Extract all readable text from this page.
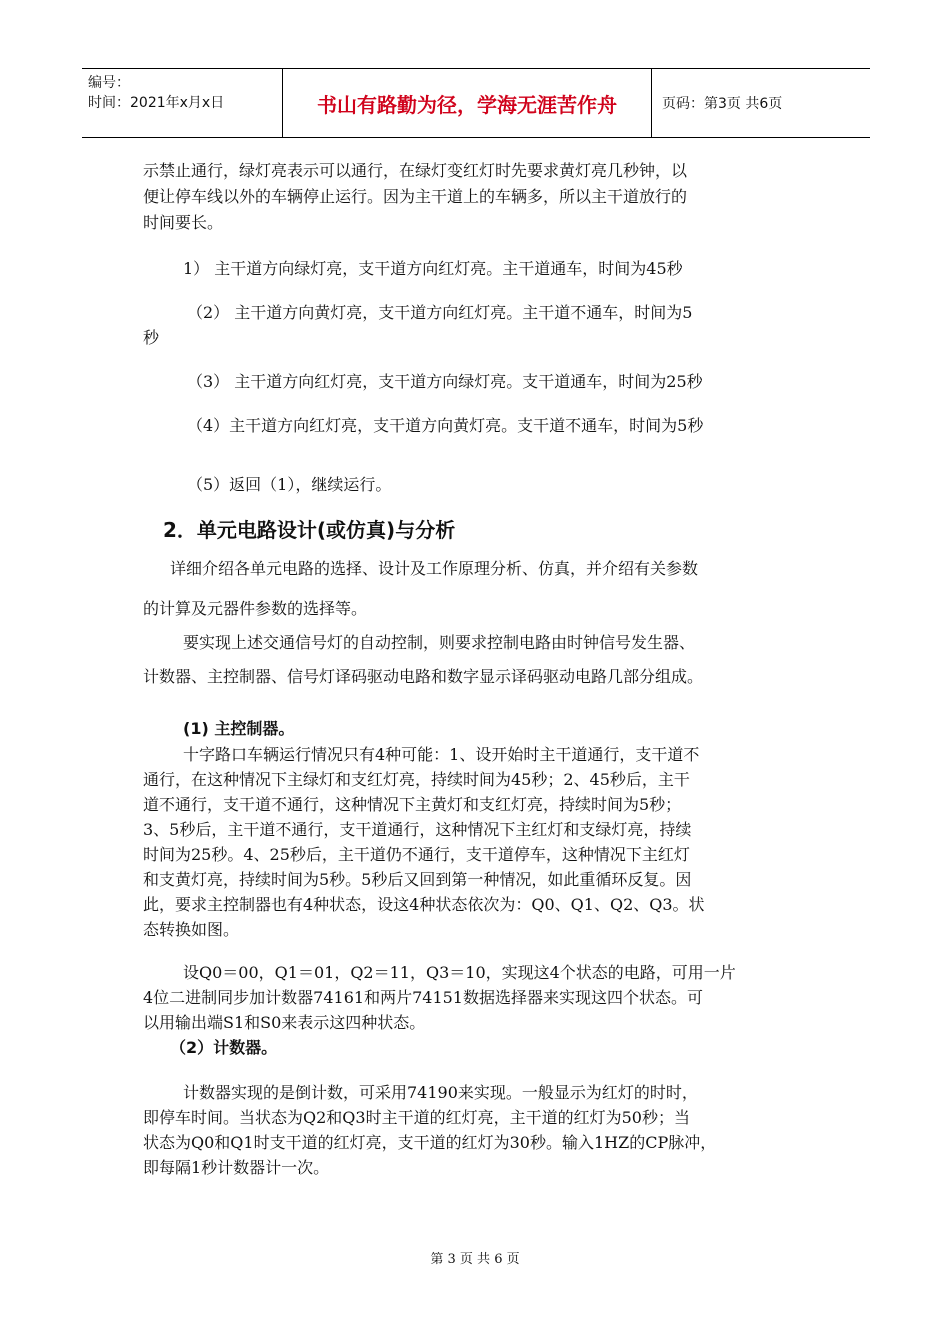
编号：
时间：2021年x月x日	书山有路勤为径，学海无涯苦作舟	页码：第3页 共6页
示禁止通行，绿灯亮表示可以通行，在绿灯变红灯时先要求黄灯亮几秒钟，以
便让停车线以外的车辆停止运行。因为主干道上的车辆多，所以主干道放行的
时间要长。
1） 主干道方向绿灯亮，支干道方向红灯亮。主干道通车，时间为45秒
（2） 主干道方向黄灯亮，支干道方向红灯亮。主干道不通车，时间为5
秒
（3） 主干道方向红灯亮，支干道方向绿灯亮。支干道通车，时间为25秒
（4）主干道方向红灯亮，支干道方向黄灯亮。支干道不通车，时间为5秒
（5）返回（1），继续运行。
2．单元电路设计(或仿真)与分析
详细介绍各单元电路的选择、设计及工作原理分析、仿真，并介绍有关参数
的计算及元器件参数的选择等。
要实现上述交通信号灯的自动控制，则要求控制电路由时钟信号发生器、
计数器、主控制器、信号灯译码驱动电路和数字显示译码驱动电路几部分组成。
(1) 主控制器。
十字路口车辆运行情况只有4种可能：1、设开始时主干道通行，支干道不
通行，在这种情况下主绿灯和支红灯亮，持续时间为45秒；2、45秒后，主干
道不通行，支干道不通行，这种情况下主黄灯和支红灯亮，持续时间为5秒；
3、5秒后，主干道不通行，支干道通行，这种情况下主红灯和支绿灯亮，持续
时间为25秒。4、25秒后，主干道仍不通行，支干道停车，这种情况下主红灯
和支黄灯亮，持续时间为5秒。5秒后又回到第一种情况，如此重循环反复。因
此，要求主控制器也有4种状态，设这4种状态依次为：Q0、Q1、Q2、Q3。状
态转换如图。
设Q0＝00，Q1＝01，Q2＝11，Q3＝10，实现这4个状态的电路，可用一片
4位二进制同步加计数器74161和两片74151数据选择器来实现这四个状态。可
以用输出端S1和S0来表示这四种状态。
（2）计数器。
计数器实现的是倒计数，可采用74190来实现。一般显示为红灯的时时，
即停车时间。当状态为Q2和Q3时主干道的红灯亮，主干道的红灯为50秒；当
状态为Q0和Q1时支干道的红灯亮，支干道的红灯为30秒。输入1HZ的CP脉冲，
即每隔1秒计数器计一次。
第 3 页 共 6 页
